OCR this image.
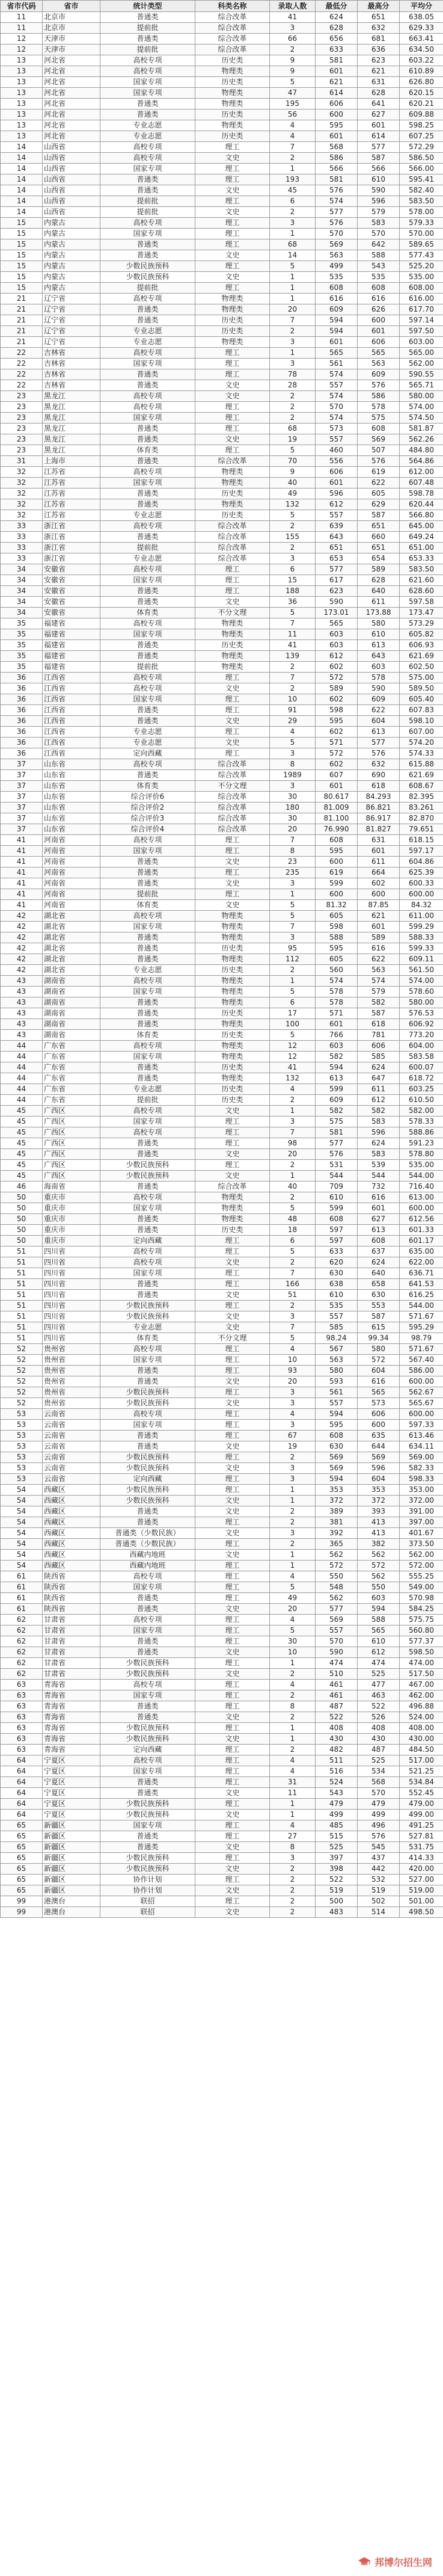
省市代码	省市	统计类型	科类名称	录取人数	最低分	最高分	平均分
11	北京市	普通类	综合改革	41	624	651	638.05
11	北京市	提前批	综合改革	3	628	632	629.33
12	天津市	普通类	综合改革	66	656	681	663.41
12	天津市	提前批	综合改革	2	633	636	634.50
13	河北省	高校专项	历史类	9	581	623	603.22
13	河北省	高校专项	物理类	9	601	621	610.89
13	河北省	国家专项	历史类	5	621	631	626.80
13	河北省	国家专项	物理类	47	614	628	620.15
13	河北省	普通类	物理类	195	606	641	620.21
13	河北省	普通类	历史类	56	600	627	609.88
13	河北省	专业志愿	物理类	4	595	601	598.25
13	河北省	专业志愿	历史类	4	601	614	607.25
14	山西省	高校专项	理工	7	568	577	572.29
14	山西省	高校专项	文史	2	586	587	586.50
14	山西省	国家专项	理工	1	566	566	566.00
14	山西省	普通类	理工	193	581	610	595.41
14	山西省	普通类	文史	45	576	590	582.40
14	山西省	提前批	理工	6	574	596	583.50
14	山西省	提前批	文史	2	577	579	578.00
15	内蒙古	高校专项	理工	3	576	583	579.33
15	内蒙古	国家专项	理工	1	570	570	570.00
15	内蒙古	普通类	理工	68	569	642	589.65
15	内蒙古	普通类	文史	14	563	588	577.43
15	内蒙古	少数民族预科	理工	5	499	543	525.20
15	内蒙古	少数民族预科	文史	1	535	535	535.00
15	内蒙古	提前批	理工	1	608	608	608.00
21	辽宁省	高校专项	物理类	1	616	616	616.00
21	辽宁省	普通类	物理类	20	609	626	617.70
21	辽宁省	普通类	历史类	7	594	600	597.14
21	辽宁省	专业志愿	历史类	2	594	601	597.50
21	辽宁省	专业志愿	物理类	3	601	606	603.00
22	吉林省	高校专项	理工	1	565	565	565.00
22	吉林省	国家专项	理工	3	561	563	562.00
22	吉林省	普通类	理工	78	574	609	590.55
22	吉林省	普通类	文史	28	557	576	565.71
23	黑龙江	高校专项	文史	2	574	586	580.00
23	黑龙江	高校专项	理工	2	570	578	574.00
23	黑龙江	国家专项	理工	2	574	575	574.50
23	黑龙江	普通类	理工	68	573	608	581.87
23	黑龙江	普通类	文史	19	557	569	562.26
23	黑龙江	体育类	理工	5	460	507	484.80
31	上海市	普通类	综合改革	70	556	576	564.86
32	江苏省	高校专项	物理类	9	606	619	612.00
32	江苏省	国家专项	物理类	40	601	622	607.48
32	江苏省	普通类	历史类	49	596	605	598.78
32	江苏省	普通类	物理类	132	612	629	620.44
32	江苏省	专业志愿	历史类	5	557	587	566.80
33	浙江省	高校专项	综合改革	2	639	651	645.00
33	浙江省	普通类	综合改革	155	643	660	649.24
33	浙江省	提前批	综合改革	2	651	651	651.00
33	浙江省	专业志愿	综合改革	3	653	654	653.33
34	安徽省	高校专项	理工	6	577	589	583.50
34	安徽省	国家专项	理工	15	617	628	621.60
34	安徽省	普通类	理工	188	623	640	628.60
34	安徽省	普通类	文史	36	590	611	597.58
34	安徽省	体育类	不分文理	5	173.01	173.88	173.47
35	福建省	高校专项	物理类	7	565	580	573.29
35	福建省	国家专项	物理类	11	603	610	605.82
35	福建省	普通类	历史类	41	603	613	606.93
35	福建省	普通类	物理类	139	612	643	621.69
35	福建省	提前批	物理类	2	602	603	602.50
36	江西省	高校专项	理工	7	572	578	575.00
36	江西省	高校专项	文史	2	589	590	589.50
36	江西省	国家专项	理工	10	602	609	605.40
36	江西省	普通类	理工	91	598	622	607.83
36	江西省	普通类	文史	29	595	604	598.10
36	江西省	专业志愿	理工	4	602	613	607.00
36	江西省	专业志愿	文史	5	571	577	574.20
36	江西省	定向西藏	理工	3	572	576	574.33
37	山东省	高校专项	综合改革	8	602	632	615.88
37	山东省	普通类	综合改革	1989	607	690	621.69
37	山东省	体育类	不分文理	3	601	618	608.67
37	山东省	综合评价6	综合改革	30	80.617	84.293	82.395
37	山东省	综合评价2	综合改革	180	81.009	86.821	83.261
37	山东省	综合评价3	综合改革	30	81.100	86.917	82.870
37	山东省	综合评价4	综合改革	20	76.990	81.827	79.651
41	河南省	高校专项	理工	7	608	631	618.15
41	河南省	国家专项	理工	8	595	601	597.17
41	河南省	普通类	文史	23	600	611	604.86
41	河南省	普通类	理工	235	619	664	625.39
41	河南省	普通类	文史	3	599	602	600.33
41	河南省	提前批	理工	1	600	600	600.00
41	河南省	体育类	文史	5	81.32	87.85	84.32
42	湖北省	高校专项	物理类	5	605	621	611.00
42	湖北省	国家专项	物理类	7	598	601	599.29
42	湖北省	普通类	物理类	3	588	589	588.33
42	湖北省	普通类	历史类	95	595	616	599.33
42	湖北省	普通类	物理类	112	605	622	609.11
42	湖北省	专业志愿	历史类	2	560	563	561.50
43	湖南省	高校专项	物理类	1	574	574	574.00
43	湖南省	国家专项	物理类	5	578	579	578.60
43	湖南省	普通类	物理类	6	578	582	580.00
43	湖南省	普通类	历史类	17	571	587	576.53
43	湖南省	普通类	物理类	100	601	618	606.92
43	湖南省	体育类	历史类	5	766	781	773.20
44	广东省	高校专项	物理类	12	603	606	604.00
44	广东省	国家专项	物理类	12	582	585	583.58
44	广东省	普通类	历史类	41	594	624	600.07
44	广东省	普通类	物理类	132	613	647	618.72
44	广东省	专业志愿	历史类	4	599	611	603.25
44	广东省	提前批	历史类	2	609	612	610.50
45	广西区	高校专项	文史	1	582	582	582.00
45	广西区	国家专项	理工	3	575	583	578.33
45	广西区	高校专项	理工	7	581	596	588.86
45	广西区	普通类	理工	98	577	624	591.23
45	广西区	普通类	文史	20	576	583	578.80
45	广西区	少数民族预科	理工	2	531	539	535.00
45	广西区	少数民族预科	文史	1	544	544	544.00
46	海南省	普通类	综合改革	40	709	732	716.40
50	重庆市	高校专项	物理类	2	610	616	613.00
50	重庆市	国家专项	物理类	5	599	601	600.00
50	重庆市	普通类	物理类	48	608	627	612.56
50	重庆市	普通类	历史类	18	597	613	601.33
50	重庆市	定向西藏	理工	6	597	608	601.17
51	四川省	高校专项	理工	5	633	637	635.00
51	四川省	高校专项	文史	2	620	624	622.00
51	四川省	国家专项	理工	7	630	640	636.71
51	四川省	普通类	理工	166	638	658	641.53
51	四川省	普通类	文史	51	610	630	616.25
51	四川省	少数民族预科	理工	2	535	553	544.00
51	四川省	少数民族预科	文史	3	557	587	571.67
51	四川省	专业志愿	文史	7	585	615	595.29
51	四川省	体育类	不分文理	5	98.24	99.34	98.79
52	贵州省	高校专项	理工	4	567	580	571.67
52	贵州省	国家专项	理工	10	563	572	567.40
52	贵州省	普通类	理工	93	580	604	586.00
52	贵州省	普通类	文史	20	593	616	600.00
52	贵州省	少数民族预科	理工	3	561	565	562.67
52	贵州省	少数民族预科	文史	3	557	573	565.67
53	云南省	高校专项	理工	4	594	606	600.00
53	云南省	国家专项	理工	3	595	600	597.33
53	云南省	普通类	理工	67	608	635	613.46
53	云南省	普通类	文史	19	630	644	634.11
53	云南省	少数民族预科	理工	2	569	569	569.00
53	云南省	少数民族预科	文史	3	569	596	582.33
53	云南省	定向西藏	理工	3	594	604	598.33
54	西藏区	少数民族预科	理工	1	353	353	353.00
54	西藏区	少数民族预科	文史	1	372	372	372.00
54	西藏区	普通类	文史	2	389	393	391.00
54	西藏区	普通类	理工	2	381	413	397.00
54	西藏区	普通类（少数民族）	文史	3	392	413	401.67
54	西藏区	普通类（少数民族）	理工	2	365	382	373.50
54	西藏区	西藏内地班	文史	1	562	562	562.00
54	西藏区	西藏内地班	理工	1	572	572	572.00
61	陕西省	高校专项	理工	4	550	562	555.25
61	陕西省	国家专项	理工	5	548	550	549.00
61	陕西省	普通类	理工	49	562	603	570.98
61	陕西省	普通类	文史	20	577	594	584.25
62	甘肃省	高校专项	理工	4	569	588	575.75
62	甘肃省	国家专项	理工	5	557	565	560.80
62	甘肃省	普通类	理工	30	570	610	577.37
62	甘肃省	普通类	文史	10	590	612	598.50
62	甘肃省	少数民族预科	理工	1	474	474	474.00
62	甘肃省	少数民族预科	文史	2	510	525	517.50
63	青海省	高校专项	理工	4	461	477	467.00
63	青海省	国家专项	理工	2	461	463	462.00
63	青海省	普通类	理工	8	487	522	496.88
63	青海省	普通类	文史	2	522	526	524.00
63	青海省	少数民族预科	理工	1	408	408	408.00
63	青海省	少数民族预科	文史	1	430	430	430.00
63	青海省	定向西藏	理工	2	482	487	484.50
64	宁夏区	高校专项	理工	4	511	525	517.00
64	宁夏区	国家专项	理工	4	516	534	521.25
64	宁夏区	普通类	理工	31	524	568	534.84
64	宁夏区	普通类	文史	11	543	570	552.45
64	宁夏区	少数民族预科	理工	1	479	479	479.00
64	宁夏区	少数民族预科	文史	1	499	499	499.00
65	新疆区	国家专项	理工	4	485	496	491.25
65	新疆区	普通类	理工	27	515	576	527.81
65	新疆区	普通类	文史	8	525	545	531.75
65	新疆区	少数民族预科	理工	3	397	437	414.33
65	新疆区	少数民族预科	文史	2	398	442	420.00
65	新疆区	协作计划	理工	2	522	532	527.00
65	新疆区	协作计划	文史	2	519	519	519.00
99	港澳台	联招	理工	2	500	502	501.00
99	港澳台	联招	文史	2	483	514	498.50
邦博尔招生网
